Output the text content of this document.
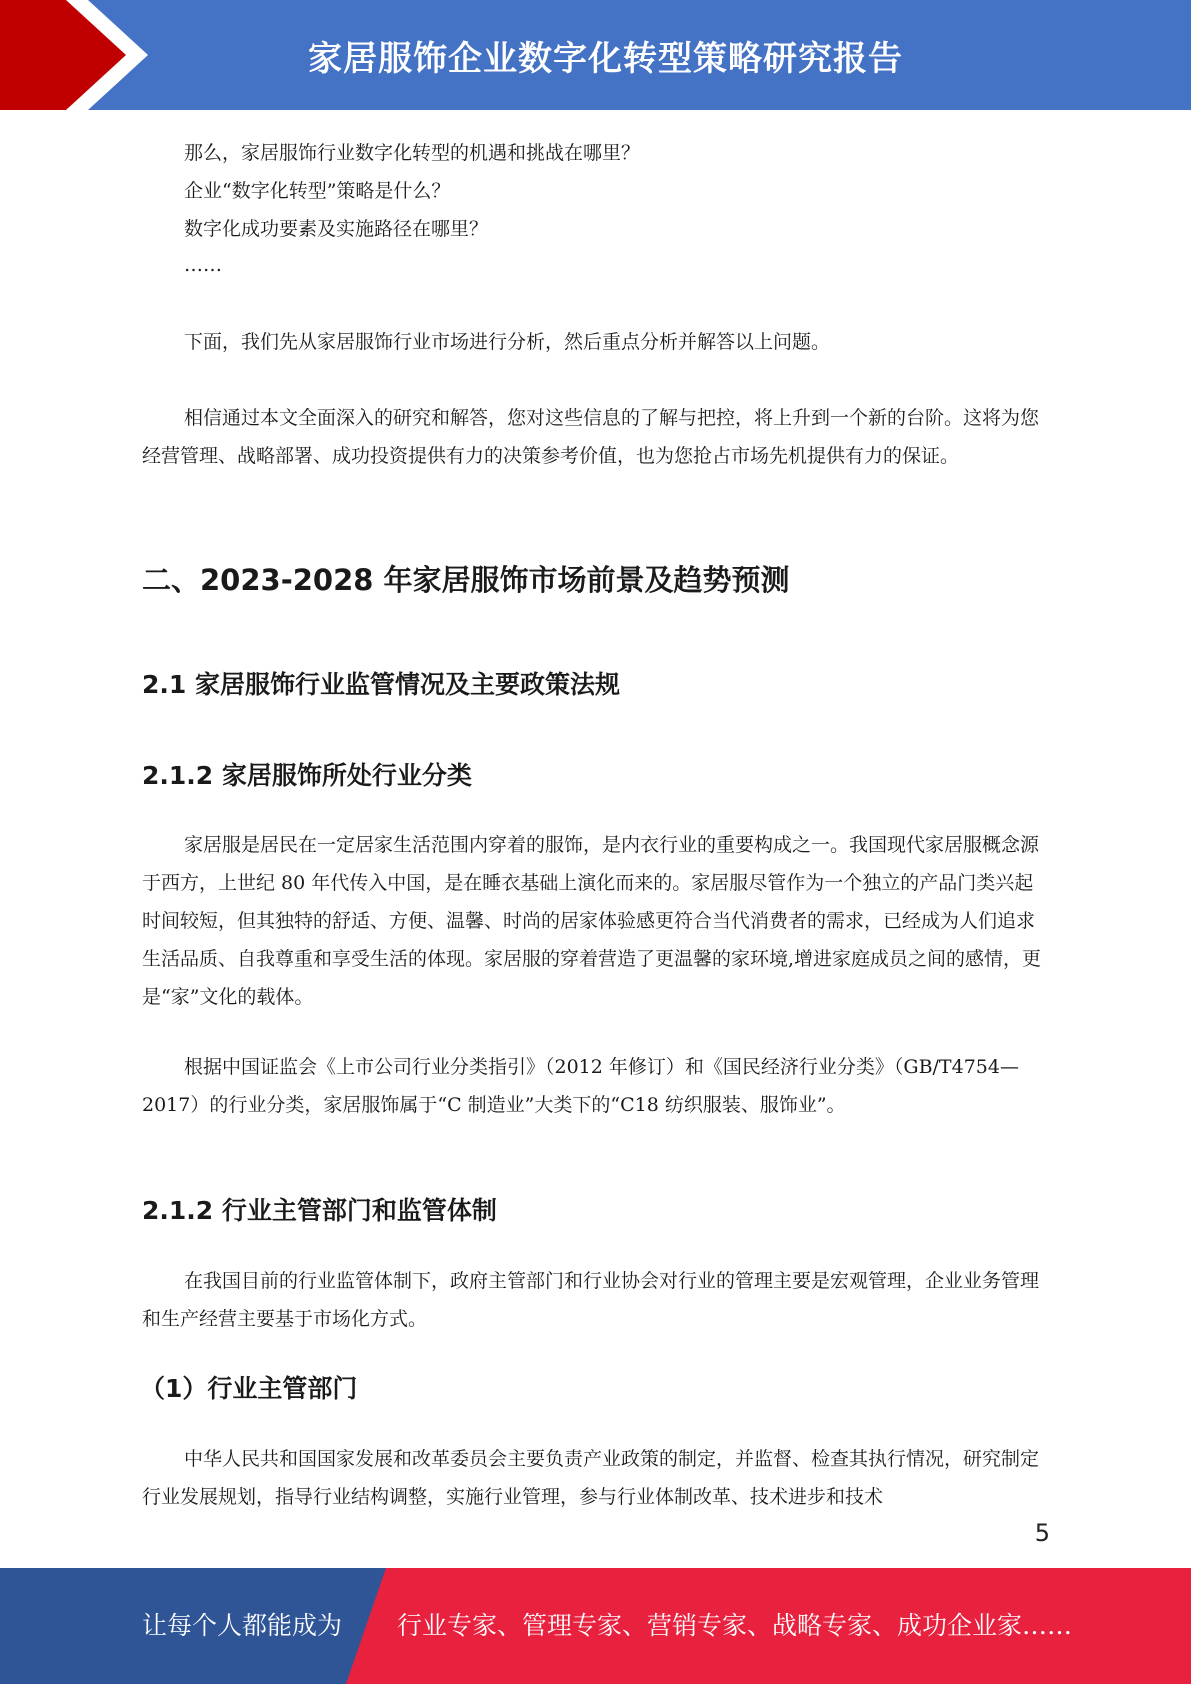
家居服饰企业数字化转型策略研究报告

那么，家居服饰行业数字化转型的机遇和挑战在哪里？

企业“数字化转型”策略是什么？

数字化成功要素及实施路径在哪里？

……

下面，我们先从家居服饰行业市场进行分析，然后重点分析并解答以上问题。

相信通过本文全面深入的研究和解答，您对这些信息的了解与把控，将上升到一个新的台阶。这将为您经营管理、战略部署、成功投资提供有力的决策参考价值，也为您抢占市场先机提供有力的保证。

二、2023-2028 年家居服饰市场前景及趋势预测
2.1 家居服饰行业监管情况及主要政策法规
2.1.2 家居服饰所处行业分类

家居服是居民在一定居家生活范围内穿着的服饰，是内衣行业的重要构成之一。我国现代家居服概念源于西方，上世纪 80 年代传入中国，是在睡衣基础上演化而来的。家居服尽管作为一个独立的产品门类兴起时间较短，但其独特的舒适、方便、温馨、时尚的居家体验感更符合当代消费者的需求，已经成为人们追求生活品质、自我尊重和享受生活的体现。家居服的穿着营造了更温馨的家环境,增进家庭成员之间的感情，更是“家”文化的载体。

根据中国证监会《上市公司行业分类指引》（2012 年修订）和《国民经济行业分类》（GB/T4754—2017）的行业分类，家居服饰属于“C 制造业”大类下的“C18 纺织服装、服饰业”。

2.1.2 行业主管部门和监管体制

在我国目前的行业监管体制下，政府主管部门和行业协会对行业的管理主要是宏观管理，企业业务管理和生产经营主要基于市场化方式。

（1）行业主管部门

中华人民共和国国家发展和改革委员会主要负责产业政策的制定，并监督、检查其执行情况，研究制定行业发展规划，指导行业结构调整，实施行业管理，参与行业体制改革、技术进步和技术

5
让每个人都能成为 行业专家、管理专家、营销专家、战略专家、成功企业家……
